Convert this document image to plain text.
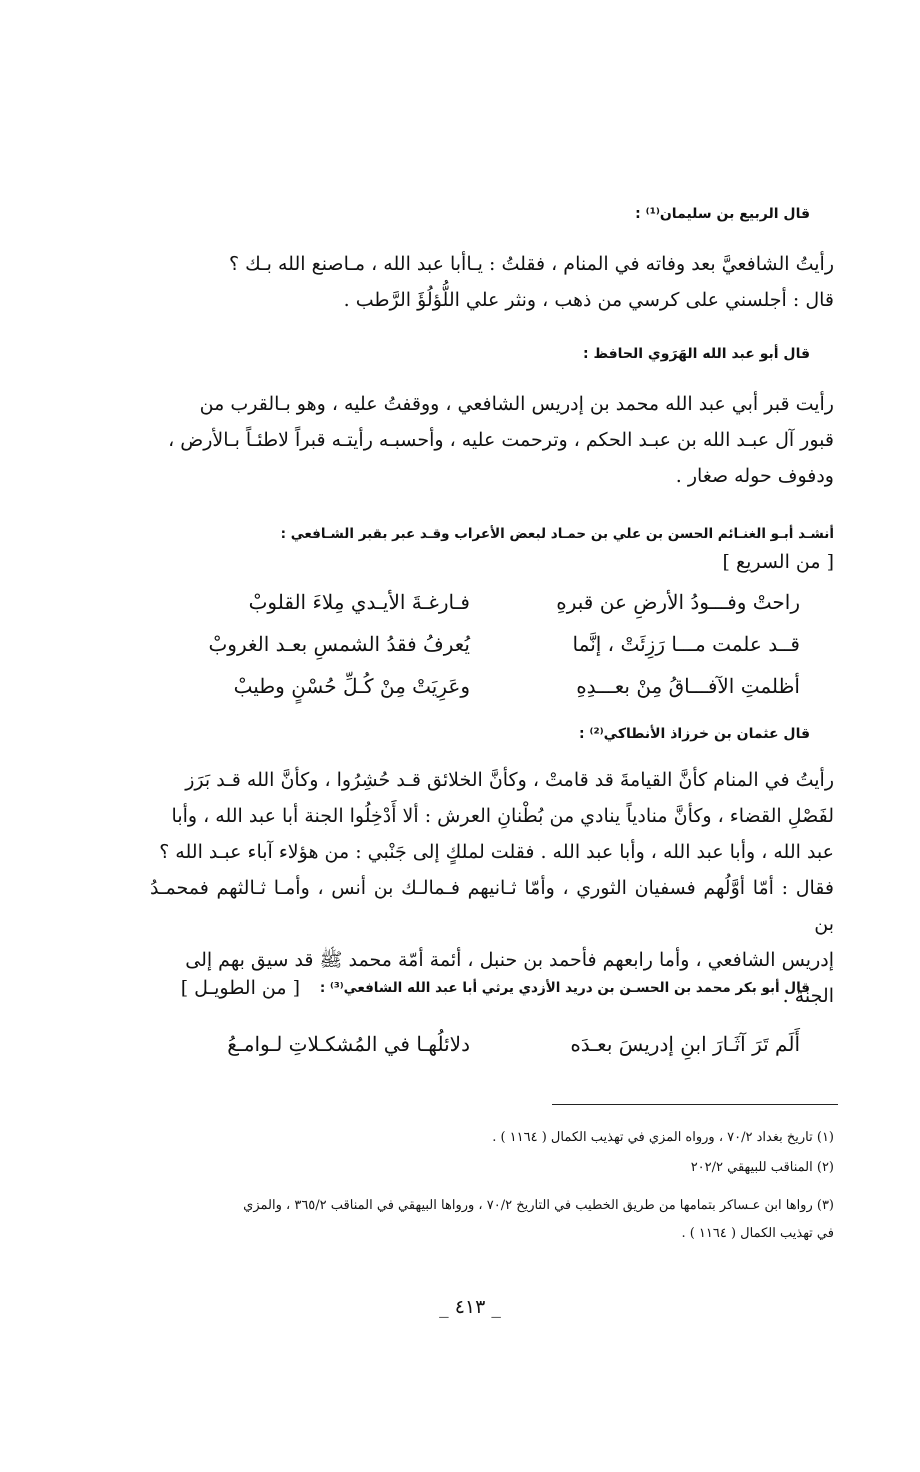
قال الربيع بن سليمان⁽¹⁾ :
رأيتُ الشافعيَّ بعد وفاته في المنام ، فقلتُ : يـاأبا عبد الله ، مـاصنع الله بـك ؟
قال : أجلسني على كرسي من ذهب ، ونثر علي اللُّؤلُؤَ الرَّطب .
قال أبو عبد الله الهَرَوي الحافظ :
رأيت قبر أبي عبد الله محمد بن إدريس الشافعي ، ووقفتُ عليه ، وهو بـالقرب من
قبور آل عبـد الله بن عبـد الحكم ، وترحمت عليه ، وأحسبـه رأيتـه قبراً لاطئـاً بـالأرض ،
ودفوف حوله صغار .
أنشـد أبـو الغنـائم الحسن بن علي بن حمـاد لبعض الأعراب وقـد عبر بقبر الشـافعي :
[ من السريع ]
راحتْ وفـــودُ الأرضِ عن قبرهِ
فـارغـةَ الأيـدي مِلاءَ القلوبْ
قــد علمت مـــا رَزِئَتْ ، إنَّما
يُعرفُ فقدُ الشمسِ بعـد الغروبْ
أظلمتِ الآفـــاقُ مِنْ بعـــدِهِ
وعَرِيَتْ مِنْ كُـلِّ حُسْنٍ وطيبْ
قال عثمان بن خرزاذ الأنطاكي⁽²⁾ :
رأيتُ في المنام كأنَّ القيامةَ قد قامتْ ، وكأنَّ الخلائق قـد حُشِرُوا ، وكأنَّ الله قـد بَرَز
لفَصْلِ القضاء ، وكأنَّ منادياً ينادي من بُطْنانِ العرش : ألا أَدْخِلُوا الجنة أبا عبد الله ، وأبا
عبد الله ، وأبا عبد الله ، وأبا عبد الله . فقلت لملكٍ إلى جَنْبي : من هؤلاء آباء عبـد الله ؟
فقال : أمّا أوَّلُهم فسفيان الثوري ، وأمّا ثـانيهم فـمالـك بن أنس ، وأمـا ثـالثهم فمحمـدُ بن
إدريس الشافعي ، وأما رابعهم فأحمد بن حنبل ، أئمة أمّة محمد ﷺ قد سيق بهم إلى الجنة .
قال أبو بكر محمد بن الحسـن بن دريد الأزدي يرثي أبا عبد الله الشافعي⁽³⁾ :
[ من الطويـل ]
أَلَم تَرَ آثَـارَ ابنِ إدريسَ بعـدَه
دلائلُهـا في المُشكـلاتِ لـوامـعُ
(١) تاريخ بغداد ٧٠/٢ ، ورواه المزي في تهذيب الكمال ( ١١٦٤ ) .
(٢) المناقب للبيهقي ٢٠٢/٢
(٣) رواها ابن عـساكر بتمامها من طريق الخطيب في التاريخ ٧٠/٢ ، ورواها البيهقي في المناقب ٣٦٥/٢ ، والمزي
في تهذيب الكمال ( ١١٦٤ ) .
_ ٤١٣ _
